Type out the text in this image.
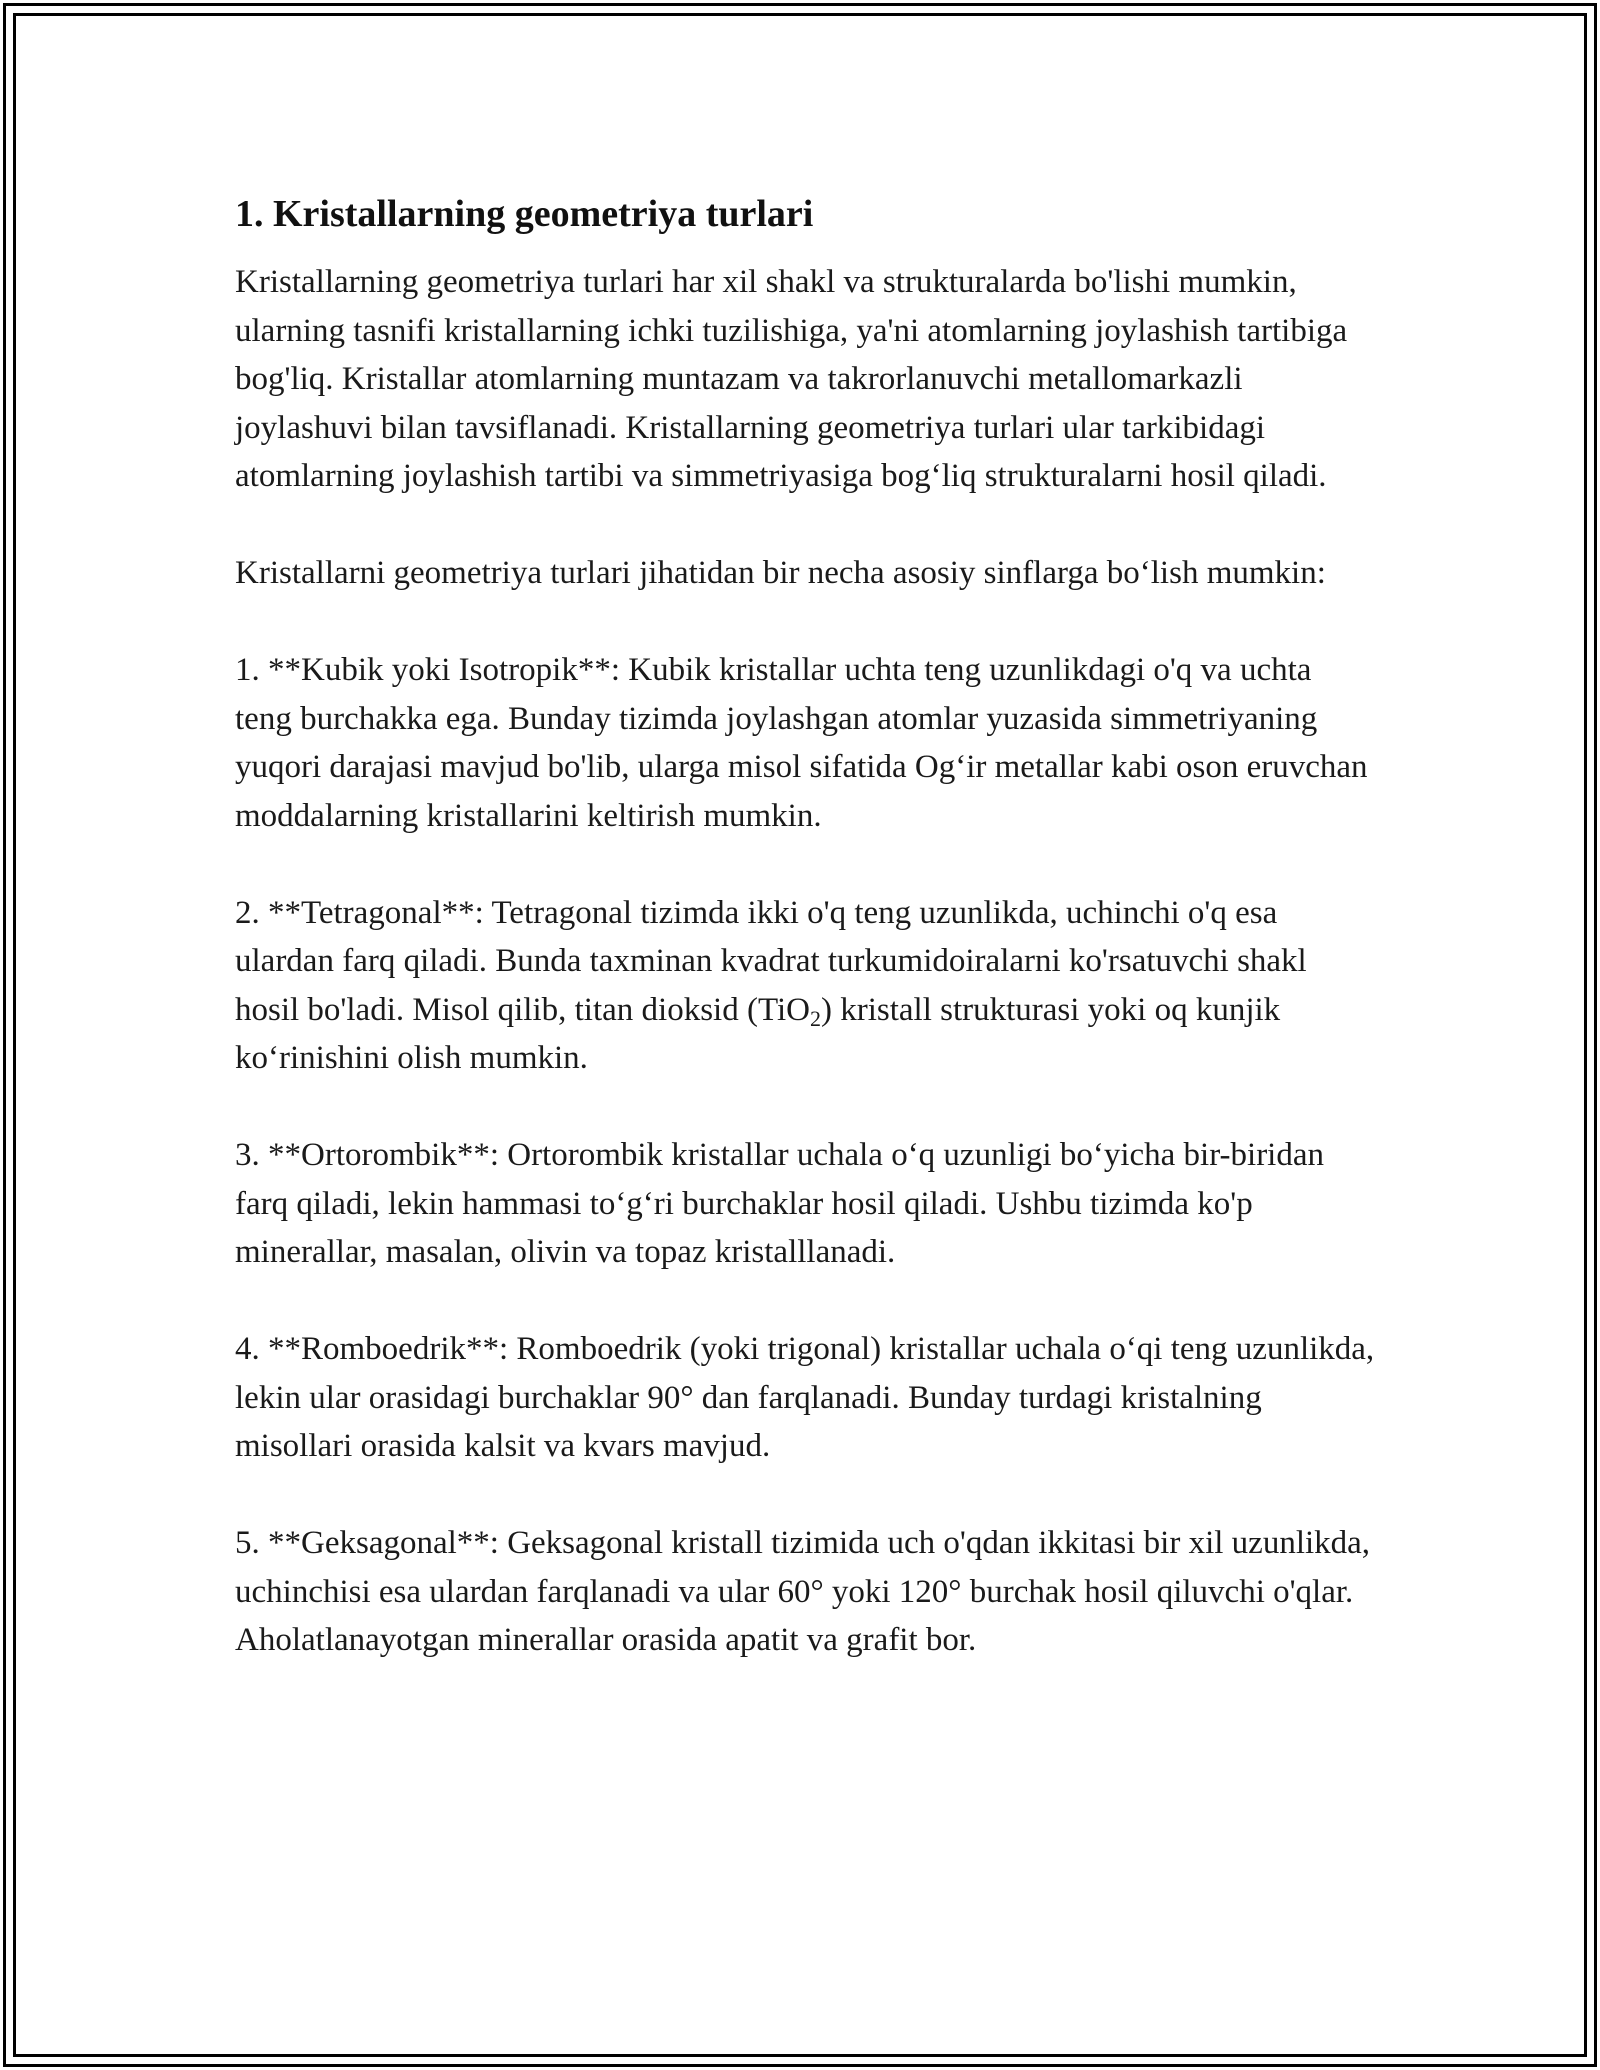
1. Kristallarning geometriya turlari

Kristallarning geometriya turlari har xil shakl va strukturalarda bo'lishi mumkin, ularning tasnifi kristallarning ichki tuzilishiga, ya'ni atomlarning joylashish tartibiga bog'liq. Kristallar atomlarning muntazam va takrorlanuvchi metallomarkazli joylashuvi bilan tavsiflanadi. Kristallarning geometriya turlari ular tarkibidagi atomlarning joylashish tartibi va simmetriyasiga bog‘liq strukturalarni hosil qiladi.

Kristallarni geometriya turlari jihatidan bir necha asosiy sinflarga bo‘lish mumkin:

1. **Kubik yoki Isotropik**: Kubik kristallar uchta teng uzunlikdagi o'q va uchta teng burchakka ega. Bunday tizimda joylashgan atomlar yuzasida simmetriyaning yuqori darajasi mavjud bo'lib, ularga misol sifatida Og‘ir metallar kabi oson eruvchan moddalarning kristallarini keltirish mumkin.

2. **Tetragonal**: Tetragonal tizimda ikki o'q teng uzunlikda, uchinchi o'q esa ulardan farq qiladi. Bunda taxminan kvadrat turkumidoiralarni ko'rsatuvchi shakl hosil bo'ladi. Misol qilib, titan dioksid (TiO$_2$) kristall strukturasi yoki oq kunjik ko‘rinishini olish mumkin.

3. **Ortorombik**: Ortorombik kristallar uchala o‘q uzunligi bo‘yicha bir-biridan farq qiladi, lekin hammasi to‘g‘ri burchaklar hosil qiladi. Ushbu tizimda ko'p minerallar, masalan, olivin va topaz kristalllanadi.

4. **Romboedrik**: Romboedrik (yoki trigonal) kristallar uchala o‘qi teng uzunlikda, lekin ular orasidagi burchaklar 90° dan farqlanadi. Bunday turdagi kristalning misollari orasida kalsit va kvars mavjud.

5. **Geksagonal**: Geksagonal kristall tizimida uch o'qdan ikkitasi bir xil uzunlikda, uchinchisi esa ulardan farqlanadi va ular 60° yoki 120° burchak hosil qiluvchi o'qlar. Aholatlanayotgan minerallar orasida apatit va grafit bor.
